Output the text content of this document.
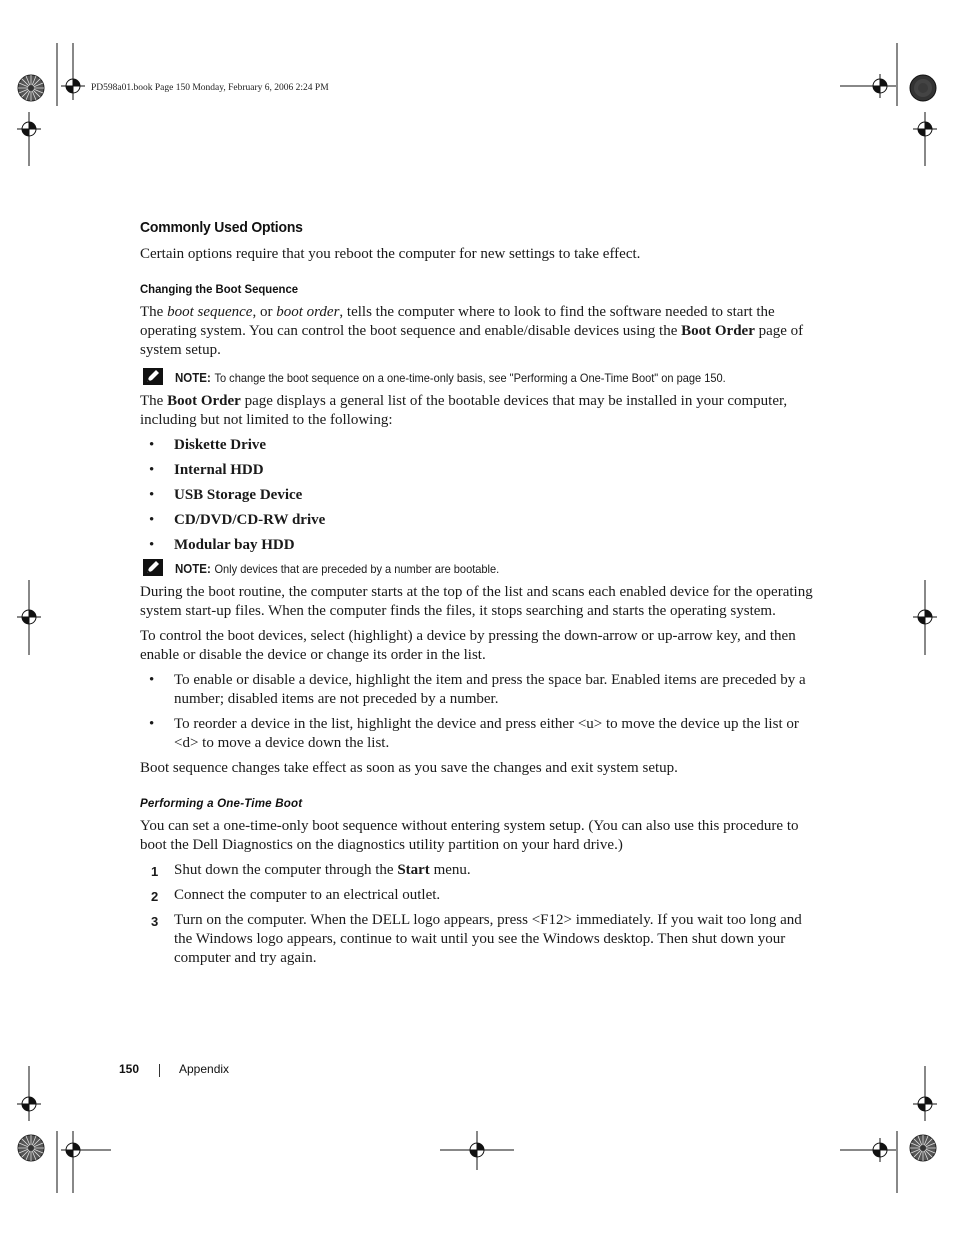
PD598a01.book Page 150 Monday, February 6, 2006 2:24 PM
Commonly Used Options

Certain options require that you reboot the computer for new settings to take effect.

Changing the Boot Sequence

The boot sequence, or boot order, tells the computer where to look to find the software needed to start the operating system. You can control the boot sequence and enable/disable devices using the Boot Order page of system setup.

NOTE: To change the boot sequence on a one-time-only basis, see "Performing a One-Time Boot" on page 150.

The Boot Order page displays a general list of the bootable devices that may be installed in your computer, including but not limited to the following:

• Diskette Drive
• Internal HDD
• USB Storage Device
• CD/DVD/CD-RW drive
• Modular bay HDD
NOTE: Only devices that are preceded by a number are bootable.

During the boot routine, the computer starts at the top of the list and scans each enabled device for the operating system start-up files. When the computer finds the files, it stops searching and starts the operating system.

To control the boot devices, select (highlight) a device by pressing the down-arrow or up-arrow key, and then enable or disable the device or change its order in the list.

• To enable or disable a device, highlight the item and press the space bar. Enabled items are preceded by a number; disabled items are not preceded by a number.
• To reorder a device in the list, highlight the device and press either <u> to move the device up the list or <d> to move a device down the list.

Boot sequence changes take effect as soon as you save the changes and exit system setup.

Performing a One-Time Boot

You can set a one-time-only boot sequence without entering system setup. (You can also use this procedure to boot the Dell Diagnostics on the diagnostics utility partition on your hard drive.)

1 Shut down the computer through the Start menu.
2 Connect the computer to an electrical outlet.
3 Turn on the computer. When the DELL logo appears, press <F12> immediately. If you wait too long and the Windows logo appears, continue to wait until you see the Windows desktop. Then shut down your computer and try again.
150	Appendix
